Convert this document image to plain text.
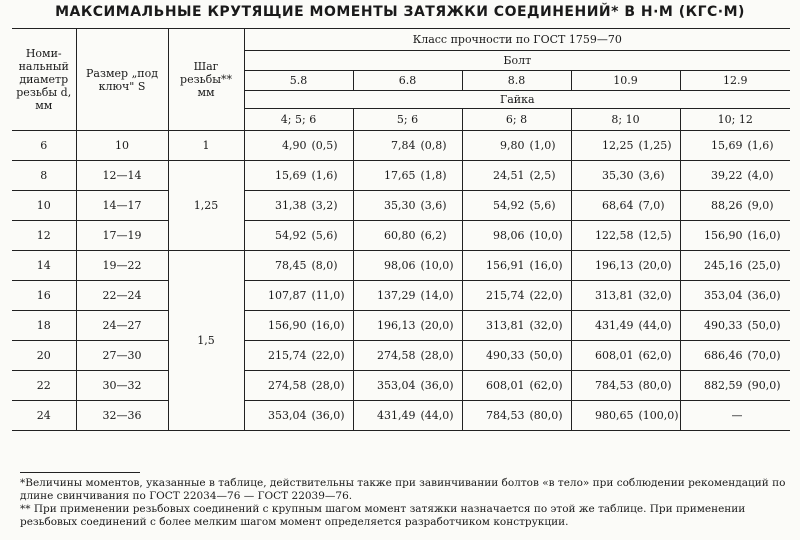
МАКСИМАЛЬНЫЕ КРУТЯЩИЕ МОМЕНТЫ ЗАТЯЖКИ СОЕДИНЕНИЙ* В Н·М (КГС·М)
Номи- нальный диаметр резьбы d, мм	Размер „под ключ" S	Шаг резьбы** мм	Класс прочности по ГОСТ 1759—70				
			Болт				
			5.8	6.8	8.8	10.9	12.9
			Гайка				
			4; 5; 6	5; 6	6; 8	8; 10	10; 12
6	10	1	4,90 (0,5)	7,84 (0,8)	9,80 (1,0)	12,25 (1,25)	15,69 (1,6)
8	12—14	1,25	15,69 (1,6)	17,65 (1,8)	24,51 (2,5)	35,30 (3,6)	39,22 (4,0)
10	14—17		31,38 (3,2)	35,30 (3,6)	54,92 (5,6)	68,64 (7,0)	88,26 (9,0)
12	17—19		54,92 (5,6)	60,80 (6,2)	98,06 (10,0)	122,58 (12,5)	156,90 (16,0)
14	19—22	1,5	78,45 (8,0)	98,06 (10,0)	156,91 (16,0)	196,13 (20,0)	245,16 (25,0)
16	22—24		107,87 (11,0)	137,29 (14,0)	215,74 (22,0)	313,81 (32,0)	353,04 (36,0)
18	24—27		156,90 (16,0)	196,13 (20,0)	313,81 (32,0)	431,49 (44,0)	490,33 (50,0)
20	27—30		215,74 (22,0)	274,58 (28,0)	490,33 (50,0)	608,01 (62,0)	686,46 (70,0)
22	30—32		274,58 (28,0)	353,04 (36,0)	608,01 (62,0)	784,53 (80,0)	882,59 (90,0)
24	32—36		353,04 (36,0)	431,49 (44,0)	784,53 (80,0)	980,65 (100,0)	—

*Величины моментов, указанные в таблице, действительны также при завинчивании болтов «в тело» при соблюдении рекомендаций по длине свинчивания по ГОСТ 22034—76 — ГОСТ 22039—76.

** При применении резьбовых соединений с крупным шагом момент затяжки назначается по этой же таблице. При применении резьбовых соединений с более мелким шагом момент определяется разработчиком конструкции.
